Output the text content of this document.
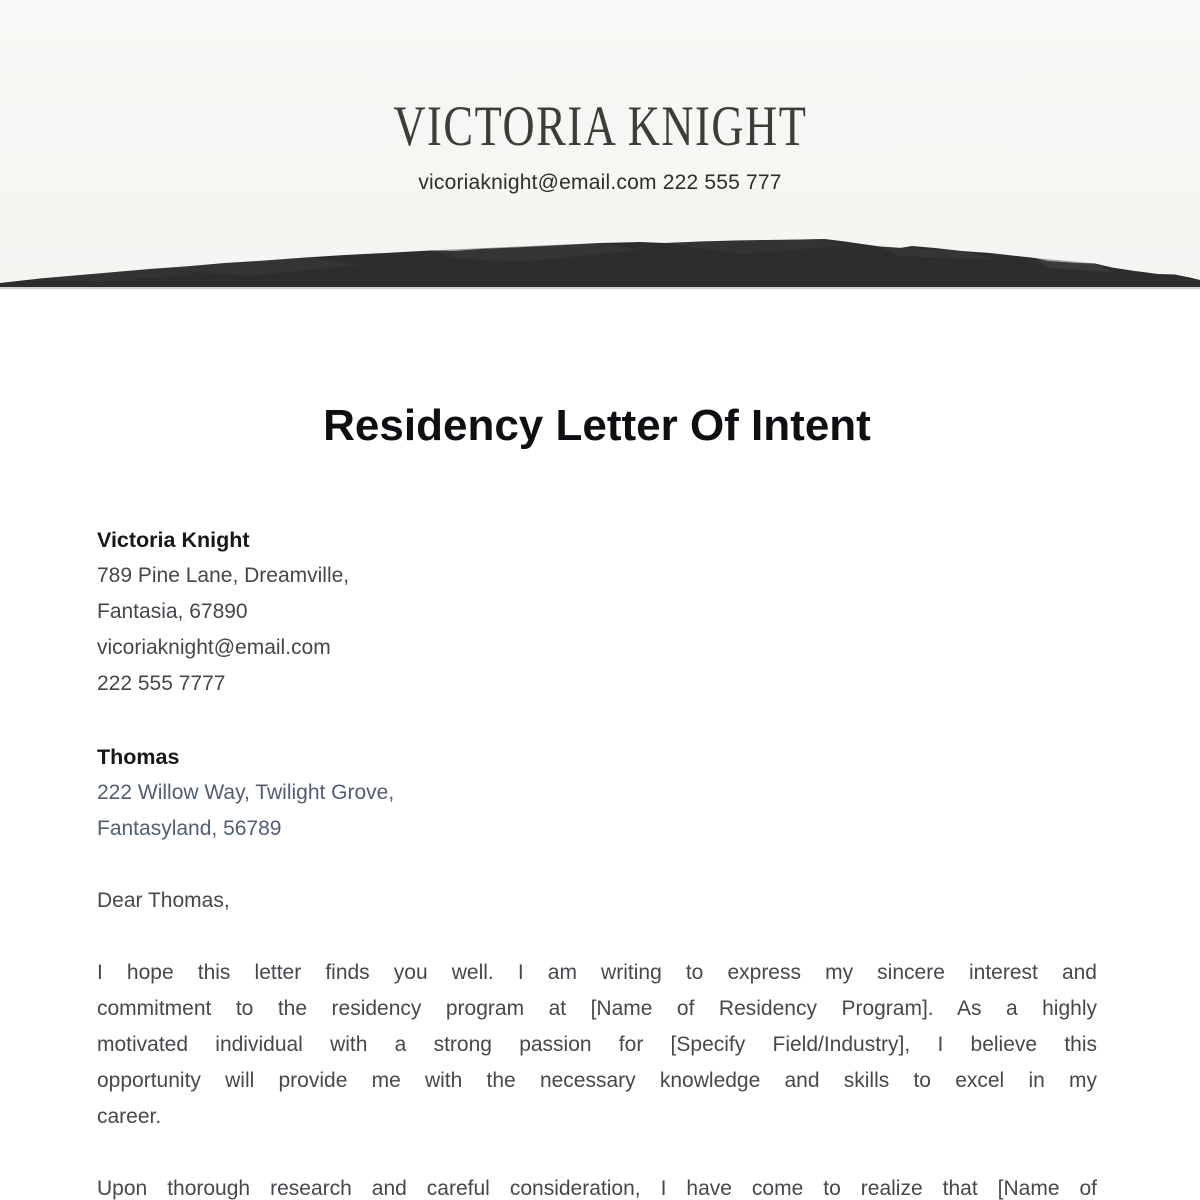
VICTORIA KNIGHT
vicoriaknight@email.com 222 555 777
Residency Letter Of Intent
Victoria Knight
789 Pine Lane, Dreamville,
Fantasia, 67890
vicoriaknight@email.com
222 555 7777
Thomas
222 Willow Way, Twilight Grove,
Fantasyland, 56789

Dear Thomas,

I hope this letter finds you well. I am writing to express my sincere interest and
commitment to the residency program at [Name of Residency Program]. As a highly
motivated individual with a strong passion for [Specify Field/Industry], I believe this
opportunity will provide me with the necessary knowledge and skills to excel in my
career.
Upon thorough research and careful consideration, I have come to realize that [Name of
